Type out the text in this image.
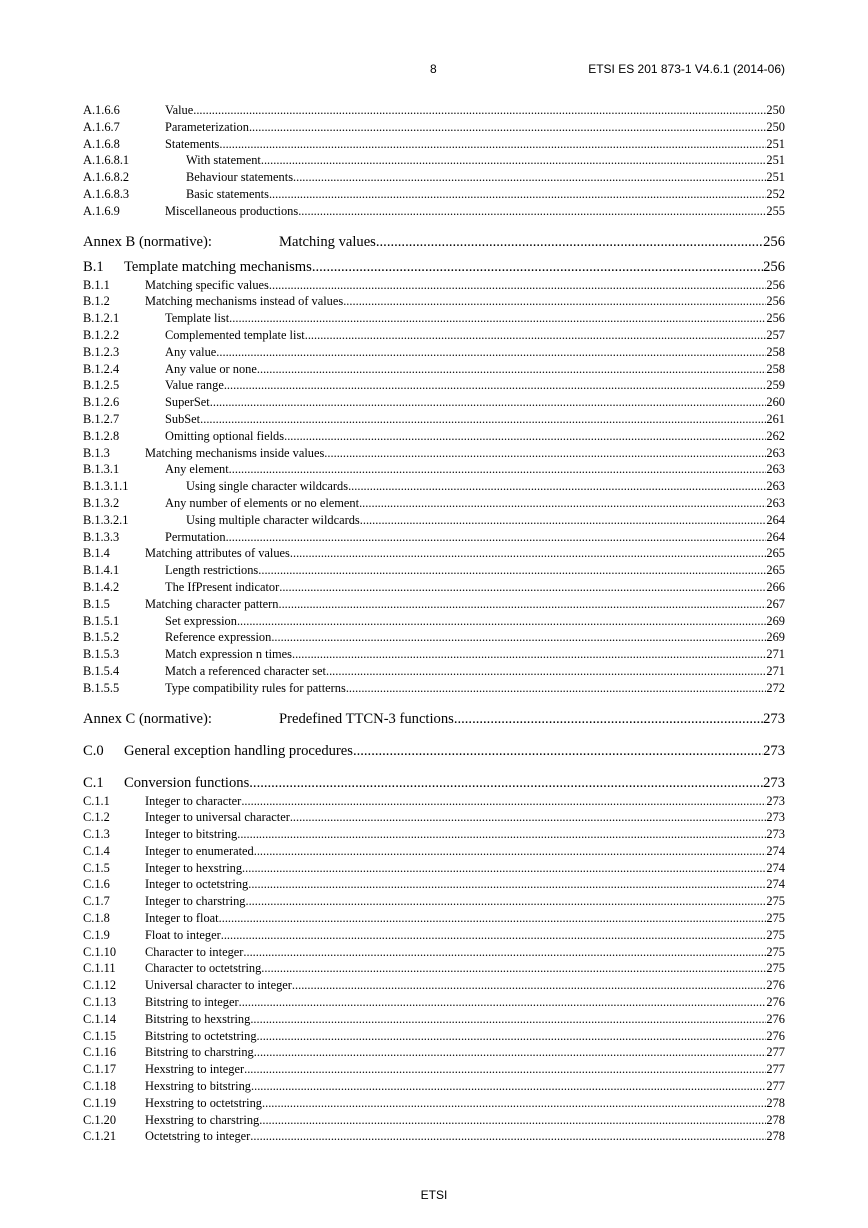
8	ETSI ES 201 873-1 V4.6.1 (2014-06)
A.1.6.6	Value .....	250
A.1.6.7	Parameterization .....	250
A.1.6.8	Statements .....	251
A.1.6.8.1	With statement .....	251
A.1.6.8.2	Behaviour statements .....	251
A.1.6.8.3	Basic statements .....	252
A.1.6.9	Miscellaneous productions .....	255
Annex B (normative):	Matching values .....	256
B.1	Template matching mechanisms .....	256
B.1.1	Matching specific values .....	256
B.1.2	Matching mechanisms instead of values .....	256
B.1.2.1	Template list .....	256
B.1.2.2	Complemented template list .....	257
B.1.2.3	Any value .....	258
B.1.2.4	Any value or none .....	258
B.1.2.5	Value range .....	259
B.1.2.6	SuperSet .....	260
B.1.2.7	SubSet .....	261
B.1.2.8	Omitting optional fields .....	262
B.1.3	Matching mechanisms inside values .....	263
B.1.3.1	Any element .....	263
B.1.3.1.1	Using single character wildcards .....	263
B.1.3.2	Any number of elements or no element .....	263
B.1.3.2.1	Using multiple character wildcards .....	264
B.1.3.3	Permutation .....	264
B.1.4	Matching attributes of values .....	265
B.1.4.1	Length restrictions .....	265
B.1.4.2	The IfPresent indicator .....	266
B.1.5	Matching character pattern .....	267
B.1.5.1	Set expression .....	269
B.1.5.2	Reference expression .....	269
B.1.5.3	Match expression n times .....	271
B.1.5.4	Match a referenced character set .....	271
B.1.5.5	Type compatibility rules for patterns .....	272
Annex C (normative):	Predefined TTCN-3 functions .....	273
C.0	General exception handling procedures .....	273
C.1	Conversion functions .....	273
C.1.1	Integer to character .....	273
C.1.2	Integer to universal character .....	273
C.1.3	Integer to bitstring .....	273
C.1.4	Integer to enumerated .....	274
C.1.5	Integer to hexstring .....	274
C.1.6	Integer to octetstring .....	274
C.1.7	Integer to charstring .....	275
C.1.8	Integer to float .....	275
C.1.9	Float to integer .....	275
C.1.10	Character to integer .....	275
C.1.11	Character to octetstring .....	275
C.1.12	Universal character to integer .....	276
C.1.13	Bitstring to integer .....	276
C.1.14	Bitstring to hexstring .....	276
C.1.15	Bitstring to octetstring .....	276
C.1.16	Bitstring to charstring .....	277
C.1.17	Hexstring to integer .....	277
C.1.18	Hexstring to bitstring .....	277
C.1.19	Hexstring to octetstring .....	278
C.1.20	Hexstring to charstring .....	278
C.1.21	Octetstring to integer .....	278
ETSI
